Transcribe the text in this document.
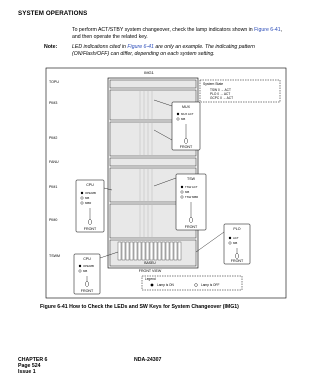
SYSTEM OPERATIONS
To perform ACT/STBY system changeover, check the lamp indicators shown in Figure 6-41, and then operate the related key.
Note:	LED indications cited in Figure 6-41 are only an example. The indicating pattern (ON/Flash/OFF) can differ, depending on each system setting.
IMG1
TOPU
PIM3
PIM2
FANU
PIM1
PIM0
TSWM
BASEU
System State
TSW 0 → ACT
PLO 0 → ACT
GCPC 0 → ACT
MUX
MUX ACT
MB
FRONT
TSW
TSW ACT
MB
TSW MBR
FRONT	PLO
ACT
MB
FRONT
CPU
OPE/MB
MB
MBR
FRONT
CPU
OPE/MB
MB
FRONT
FRONT VIEW
Legend
Lamp is ON	Lamp is OFF
Figure 6-41 How to Check the LEDs and SW Keys for System Changeover (IMG1)
CHAPTER 6
Page 524
Issue 1
NDA-24307
